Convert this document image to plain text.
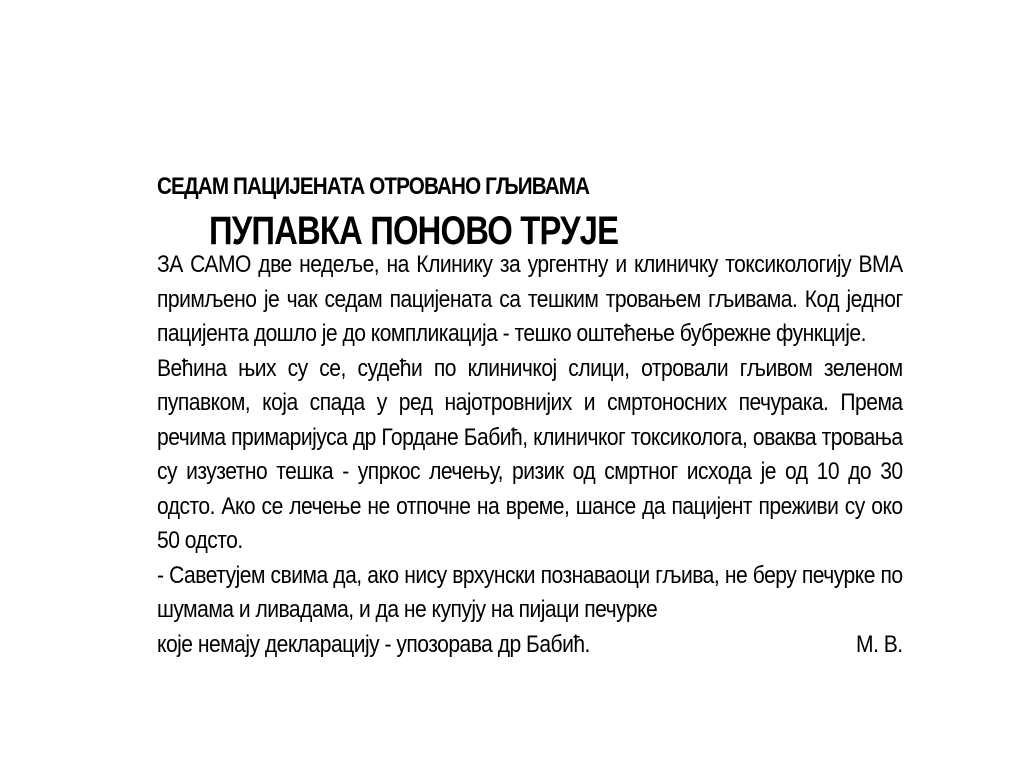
СЕДАМ ПАЦИЈЕНАТА ОТРОВАНО ГЉИВАМА
ПУПАВКА ПОНОВО ТРУЈЕ

ЗА САМО две недеље, на Клинику за ургентну и клиничку токсикологију ВМА примљено је чак седам пацијената са тешким тровањем гљивама. Код једног пацијента дошло је до компликација - тешко оштећење бубрежне функције.

Већина њих су се, судећи по клиничкој слици, отровали гљивом зеленом пупавком, која спада у ред најотровнијих и смртоносних печурака. Према речима примаријуса др Гордане Бабић, клиничког токсиколога, оваква тровања су изузетно тешка - упркос лечењу, ризик од смртног исхода је од 10 до 30 одсто. Ако се лечење не отпочне на време, шансе да пацијент преживи су око 50 одсто.

- Саветујем свима да, ако нису врхунски познаваоци гљива, не беру печурке по шумама и ливадама, и да не купују на пијаци печурке

које немају декларацију - упозорава др Бабић.	М. В.
